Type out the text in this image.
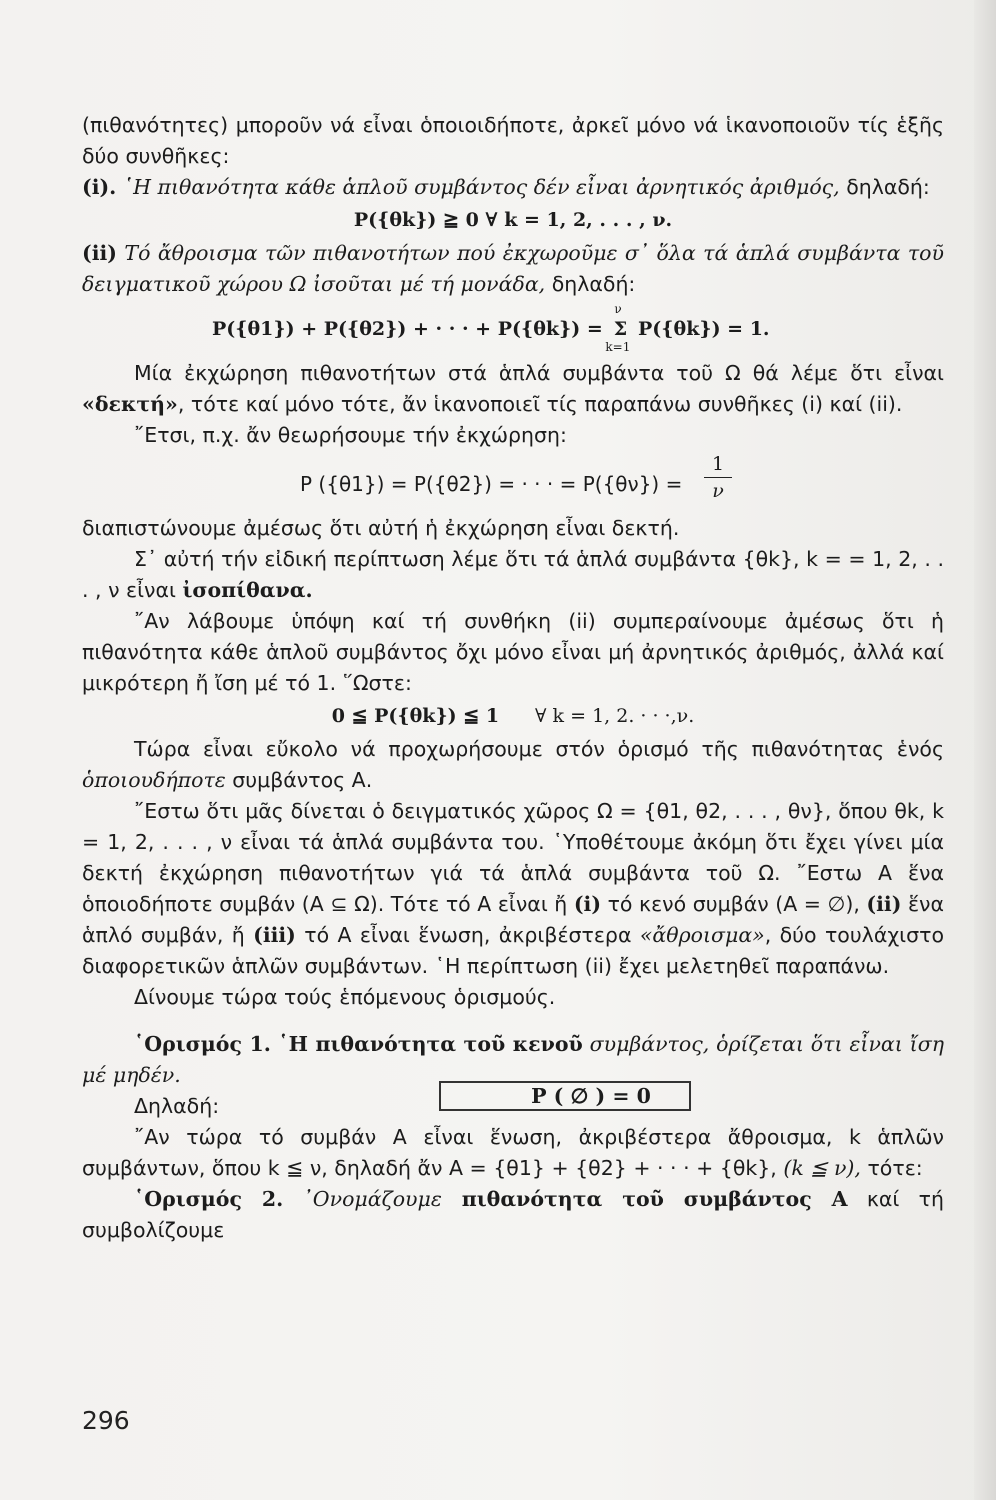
(πιθανότητες) μποροῦν νά εἶναι ὁποιοιδήποτε, ἀρκεῖ μόνο νά ἱκανοποιοῦν τίς ἑξῆς δύο συνθῆκες:

(i). ῾Η πιθανότητα κάθε ἁπλοῦ συμβάντος δέν εἶναι ἀρνητικός ἀριθμός, δηλαδή:

P({θk}) ≧ 0 ∀ k = 1, 2, . . . , ν.

(ii) Τό ἄθροισμα τῶν πιθανοτήτων πού ἐκχωροῦμε σ᾽ ὅλα τά ἁπλά συμβάντα τοῦ δειγματικοῦ χώρου Ω ἰσοῦται μέ τή μονάδα, δηλαδή:

P({θ1}) + P({θ2}) + · · · + P({θk}) =
ν
Σ
k=1
P({θk}) = 1.

Μία ἐκχώρηση πιθανοτήτων στά ἁπλά συμβάντα τοῦ Ω θά λέμε ὅτι εἶναι «δεκτή», τότε καί μόνο τότε, ἄν ἱκανοποιεῖ τίς παραπάνω συνθῆκες (i) καί (ii).

῎Ετσι, π.χ. ἄν θεωρήσουμε τήν ἐκχώρηση:

P ({θ1}) = P({θ2}) = · · · = $P(\{\theta\nu\}) = \frac{1}{\nu}$

διαπιστώνουμε ἀμέσως ὅτι αὐτή ἡ ἐκχώρηση εἶναι δεκτή.

Σ᾽ αὐτή τήν εἰδική περίπτωση λέμε ὅτι τά ἁπλά συμβάντα {θk}, k = = 1, 2, . . . , ν εἶναι ἰσοπίθανα.

῎Αν λάβουμε ὑπόψη καί τή συνθήκη (ii) συμπεραίνουμε ἀμέσως ὅτι ἡ πιθανότητα κάθε ἁπλοῦ συμβάντος ὄχι μόνο εἶναι μή ἀρνητικός ἀριθμός, ἀλλά καί μικρότερη ἤ ἴση μέ τό 1. ῞Ωστε:

0 ≦ P({θk}) ≦ 1 ∀ k = 1, 2. · · ·,ν.

Τώρα εἶναι εὔκολο νά προχωρήσουμε στόν ὁρισμό τῆς πιθανότητας ἑνός ὁποιουδήποτε συμβάντος Α.

῎Εστω ὅτι μᾶς δίνεται ὁ δειγματικός χῶρος Ω = {θ1, θ2, . . . , θν}, ὅπου θk, k = 1, 2, . . . , ν εἶναι τά ἁπλά συμβάντα του. ῾Υποθέτουμε ἀκόμη ὅτι ἔχει γίνει μία δεκτή ἐκχώρηση πιθανοτήτων γιά τά ἁπλά συμβάντα τοῦ Ω. ῎Εστω Α ἕνα ὁποιοδήποτε συμβάν (Α ⊆ Ω). Τότε τό Α εἶναι ἤ (i) τό κενό συμβάν (Α = ∅), (ii) ἕνα ἁπλό συμβάν, ἤ (iii) τό Α εἶναι ἕνωση, ἀκριβέστερα «ἄθροισμα», δύο τουλάχιστο διαφορετικῶν ἁπλῶν συμβάντων. ῾Η περίπτωση (ii) ἔχει μελετηθεῖ παραπάνω.

Δίνουμε τώρα τούς ἑπόμενους ὁρισμούς.

῾Ορισμός 1. ῾Η πιθανότητα τοῦ κενοῦ συμβάντος, ὁρίζεται ὅτι εἶναι ἴση μέ μηδέν.

Δηλαδή:	P ( ∅ ) = 0

῎Αν τώρα τό συμβάν Α εἶναι ἕνωση, ἀκριβέστερα ἄθροισμα, k ἁπλῶν συμβάντων, ὅπου k ≦ ν, δηλαδή ἄν Α = {θ1} + {θ2} + · · · + {θk}, (k ≦ ν), τότε:

῾Ορισμός 2. ᾽Ονομάζουμε πιθανότητα τοῦ συμβάντος Α καί τή συμβολίζουμε

296
